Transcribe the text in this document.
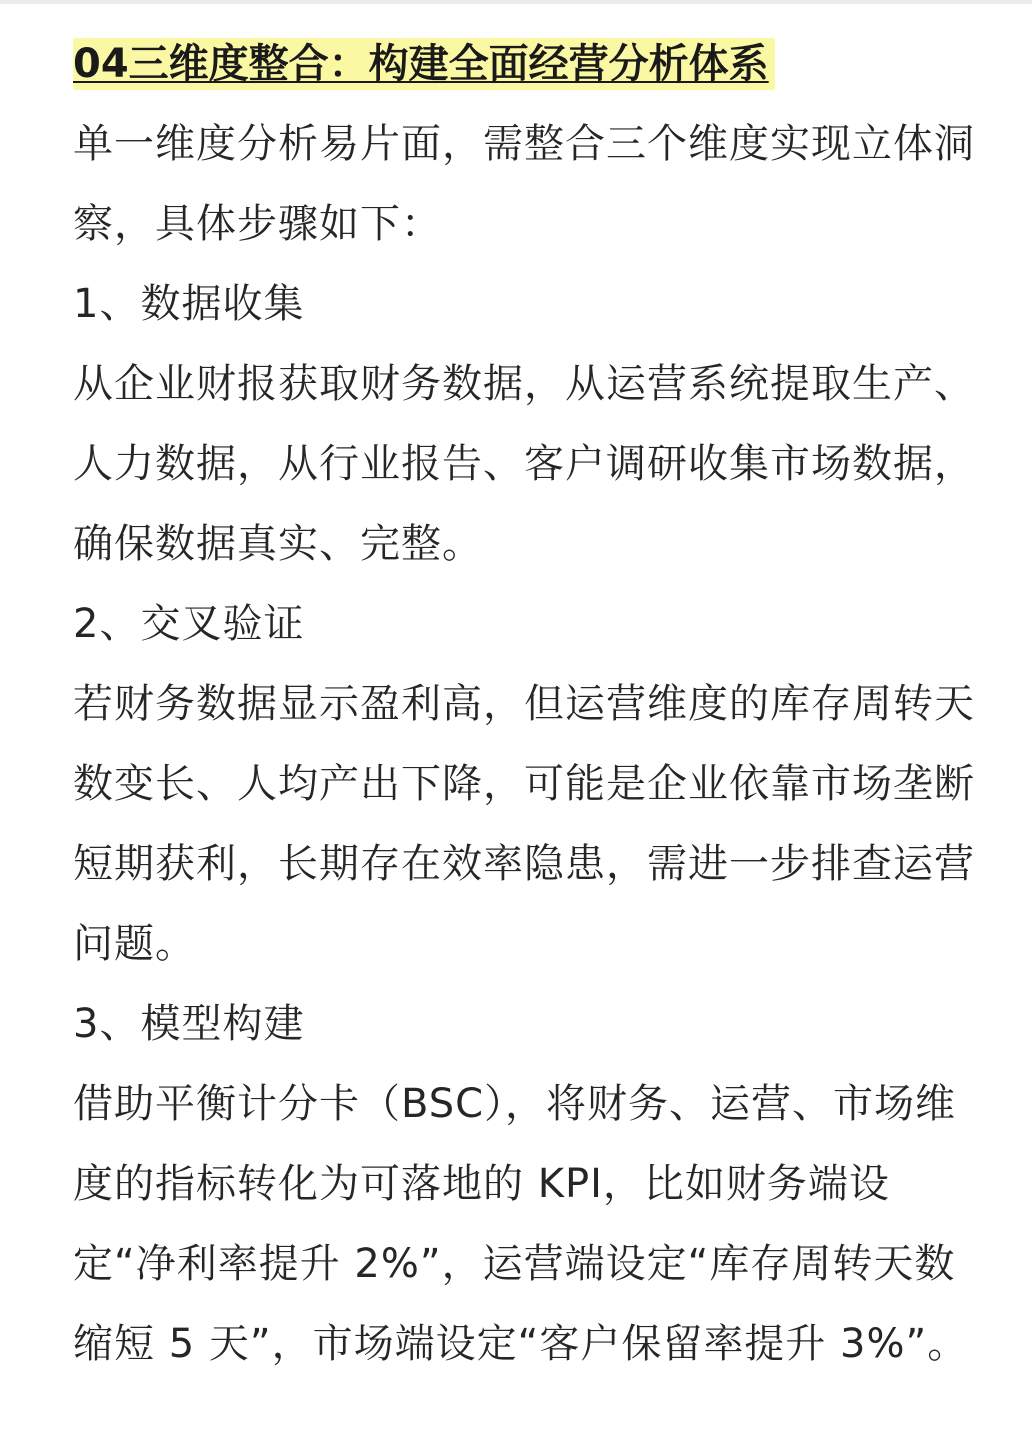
04三维度整合：构建全面经营分析体系

单一维度分析易片面，需整合三个维度实现立体洞察，具体步骤如下：

1、数据收集

从企业财报获取财务数据，从运营系统提取生产、人力数据，从行业报告、客户调研收集市场数据，确保数据真实、完整。

2、交叉验证

若财务数据显示盈利高，但运营维度的库存周转天数变长、人均产出下降，可能是企业依靠市场垄断短期获利，长期存在效率隐患，需进一步排查运营问题。

3、模型构建

借助平衡计分卡（BSC），将财务、运营、市场维度的指标转化为可落地的 KPI，比如财务端设定“净利率提升 2%”，运营端设定“库存周转天数缩短 5 天”，市场端设定“客户保留率提升 3%”。
